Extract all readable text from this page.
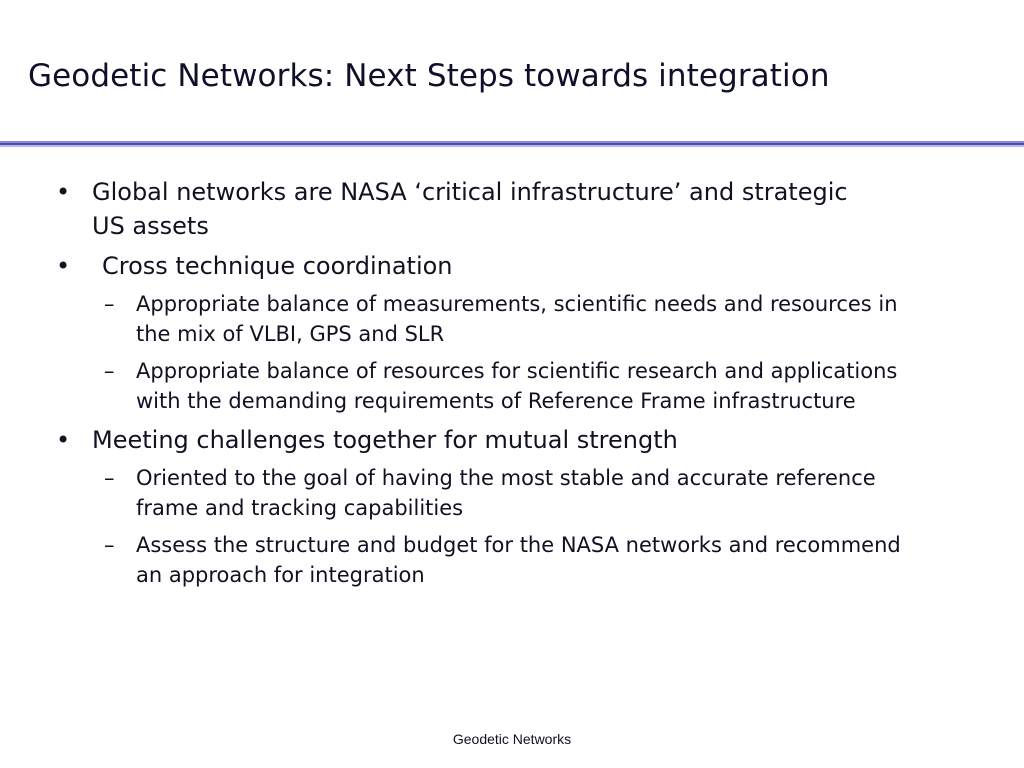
Geodetic Networks: Next Steps towards integration
• Global networks are NASA ‘critical infrastructure’ and strategic US assets
• Cross technique coordination
– Appropriate balance of measurements, scientific needs and resources in the mix of VLBI, GPS and SLR
– Appropriate balance of resources for scientific research and applications with the demanding requirements of Reference Frame infrastructure
• Meeting challenges together for mutual strength
– Oriented to the goal of having the most stable and accurate reference frame and tracking capabilities
– Assess the structure and budget for the NASA networks and recommend an approach for integration
Geodetic Networks
